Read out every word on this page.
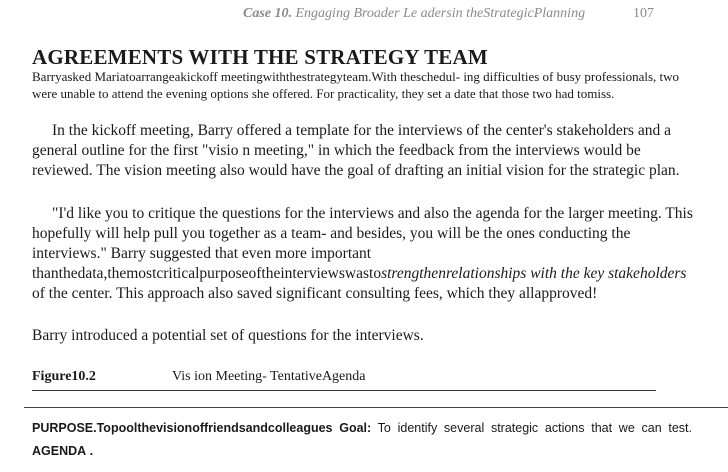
Case 10. Engaging Broader Le adersin theStrategicPlanning	107
AGREEMENTS WITH THE STRATEGY TEAM

Barryasked Mariatoarrangeakickoff meetingwiththestrategyteam.With theschedul- ing difficulties of busy professionals, two were unable to attend the evening options she offered. For practicality, they set a date that those two had tomiss.

In the kickoff meeting, Barry offered a template for the interviews of the center's stakeholders and a general outline for the first "visio n meeting," in which the feedback from the interviews would be reviewed. The vision meeting also would have the goal of drafting an initial vision for the strategic plan.

"I'd like you to critique the questions for the interviews and also the agenda for the larger meeting. This hopefully will help pull you together as a team- and besides, you will be the ones conducting the interviews." Barry suggested that even more important thanthedata,themostcriticalpurposeoftheinterviewswastostrengthenrelationships with the key stakeholders of the center. This approach also saved significant consulting fees, which they allapproved!

Barry introduced a potential set of questions for the interviews.

Figure10.2	Vis ion Meeting- TentativeAgenda

PURPOSE.Topoolthevisionoffriendsandcolleagues Goal: To identify several strategic actions that we can test. AGENDA .
